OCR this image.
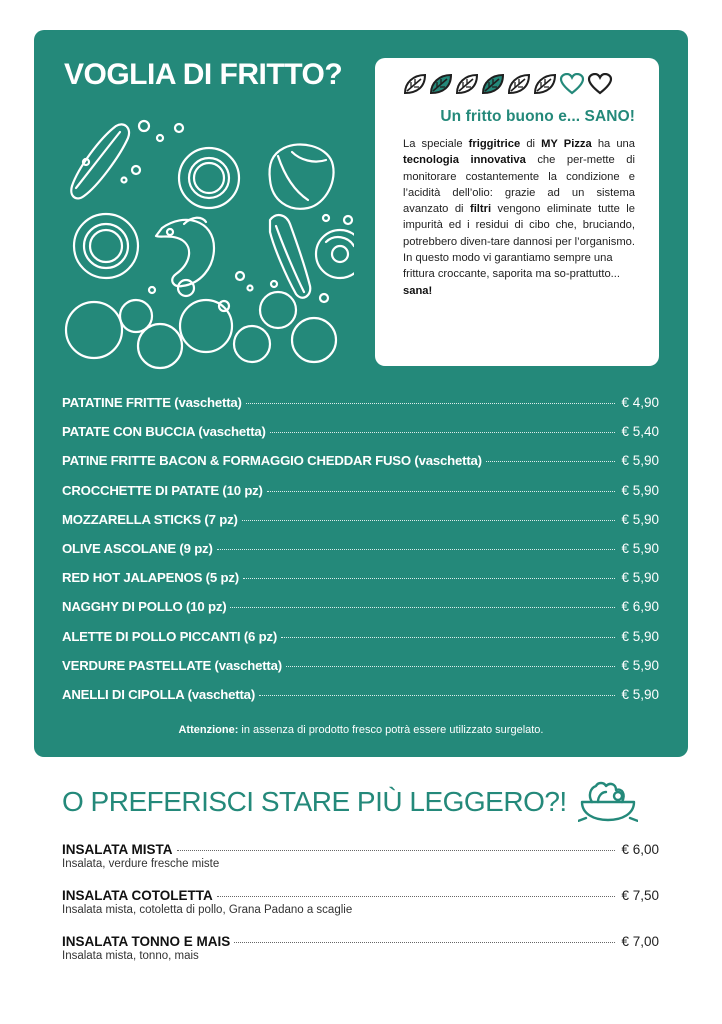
VOGLIA DI FRITTO?
Un fritto buono e... SANO!
La speciale friggitrice di MY Pizza ha una tecnologia innovativa che per-mette di monitorare costantemente la condizione e l’acidità dell’olio: grazie ad un sistema avanzato di filtri vengono eliminate tutte le impurità ed i residui di cibo che, bruciando, potrebbero diven-tare dannosi per l’organismo.
In questo modo vi garantiamo sempre una frittura croccante, saporita ma so-prattutto... sana!
PATATINE FRITTE (vaschetta)	€ 4,90
PATATE CON BUCCIA (vaschetta)	€ 5,40
PATINE FRITTE BACON & FORMAGGIO CHEDDAR FUSO (vaschetta)	€ 5,90
CROCCHETTE DI PATATE (10 pz)	€ 5,90
MOZZARELLA STICKS (7 pz)	€ 5,90
OLIVE ASCOLANE (9 pz)	€ 5,90
RED HOT JALAPENOS (5 pz)	€ 5,90
NAGGHY DI POLLO (10 pz)	€ 6,90
ALETTE DI POLLO PICCANTI (6 pz)	€ 5,90
VERDURE PASTELLATE (vaschetta)	€ 5,90
ANELLI DI CIPOLLA (vaschetta)	€ 5,90
Attenzione: in assenza di prodotto fresco potrà essere utilizzato surgelato.
O PREFERISCI STARE PIÙ LEGGERO?!
INSALATA MISTA	€ 6,00
Insalata, verdure fresche miste
INSALATA COTOLETTA	€ 7,50
Insalata mista, cotoletta di pollo, Grana Padano a scaglie
INSALATA TONNO E MAIS	€ 7,00
Insalata mista, tonno, mais
